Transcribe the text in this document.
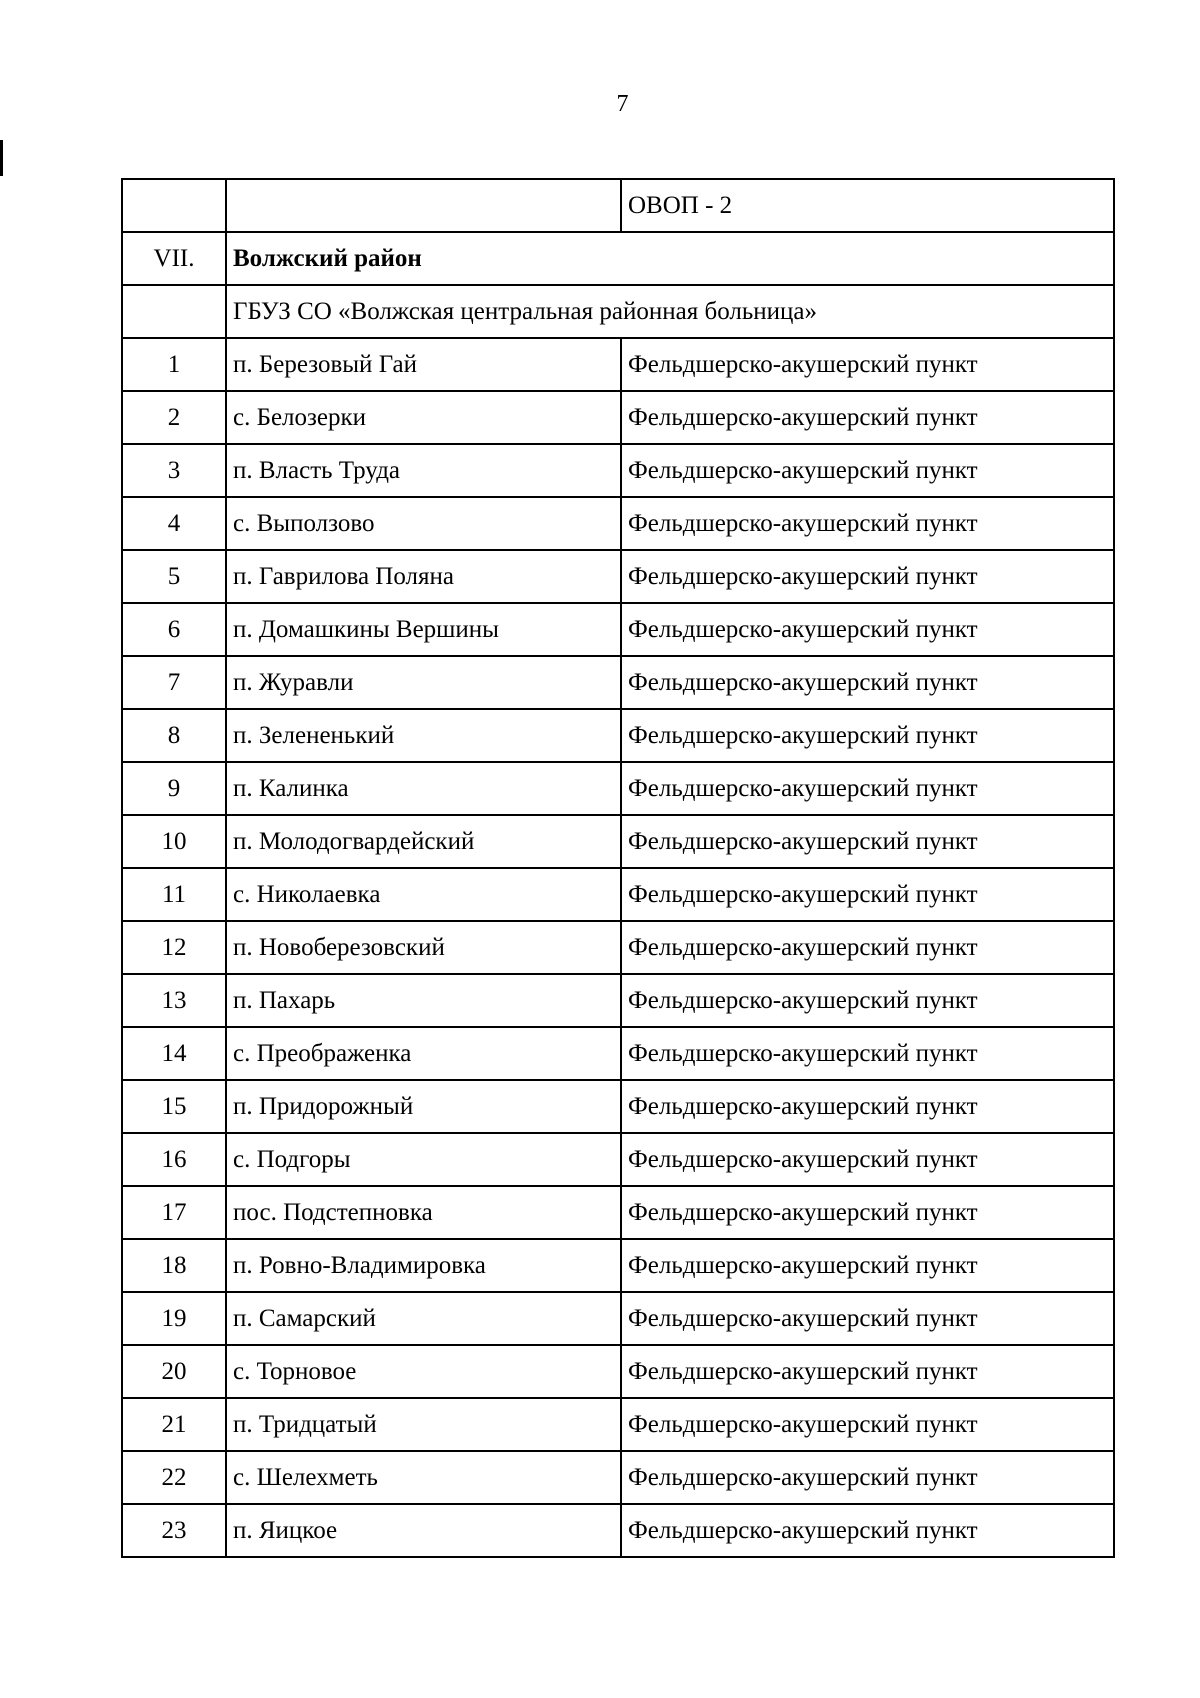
7
		ОВОП - 2
VII.	Волжский район	
	ГБУЗ СО «Волжская центральная районная больница»	
1	п. Березовый Гай	Фельдшерско-акушерский пункт
2	с. Белозерки	Фельдшерско-акушерский пункт
3	п. Власть Труда	Фельдшерско-акушерский пункт
4	с. Выползово	Фельдшерско-акушерский пункт
5	п. Гаврилова Поляна	Фельдшерско-акушерский пункт
6	п. Домашкины Вершины	Фельдшерско-акушерский пункт
7	п. Журавли	Фельдшерско-акушерский пункт
8	п. Зелененький	Фельдшерско-акушерский пункт
9	п. Калинка	Фельдшерско-акушерский пункт
10	п. Молодогвардейский	Фельдшерско-акушерский пункт
11	с. Николаевка	Фельдшерско-акушерский пункт
12	п. Новоберезовский	Фельдшерско-акушерский пункт
13	п. Пахарь	Фельдшерско-акушерский пункт
14	с. Преображенка	Фельдшерско-акушерский пункт
15	п. Придорожный	Фельдшерско-акушерский пункт
16	с. Подгоры	Фельдшерско-акушерский пункт
17	пос. Подстепновка	Фельдшерско-акушерский пункт
18	п. Ровно-Владимировка	Фельдшерско-акушерский пункт
19	п. Самарский	Фельдшерско-акушерский пункт
20	с. Торновое	Фельдшерско-акушерский пункт
21	п. Тридцатый	Фельдшерско-акушерский пункт
22	с. Шелехметь	Фельдшерско-акушерский пункт
23	п. Яицкое	Фельдшерско-акушерский пункт
